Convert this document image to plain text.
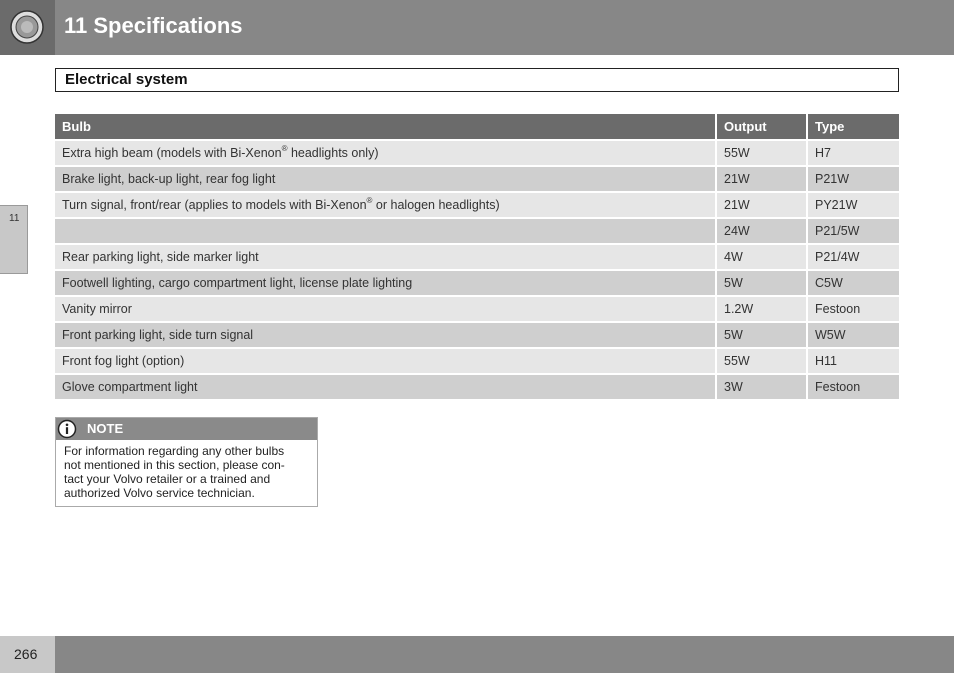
11 Specifications
Electrical system
11
Bulb	Output	Type
Extra high beam (models with Bi-Xenon® headlights only)	55W	H7
Brake light, back-up light, rear fog light	21W	P21W
Turn signal, front/rear (applies to models with Bi-Xenon® or halogen headlights)	21W	PY21W
	24W	P21/5W
Rear parking light, side marker light	4W	P21/4W
Footwell lighting, cargo compartment light, license plate lighting	5W	C5W
Vanity mirror	1.2W	Festoon
Front parking light, side turn signal	5W	W5W
Front fog light (option)	55W	H11
Glove compartment light	3W	Festoon
NOTE
For information regarding any other bulbs
not mentioned in this section, please con-
tact your Volvo retailer or a trained and
authorized Volvo service technician.
266
